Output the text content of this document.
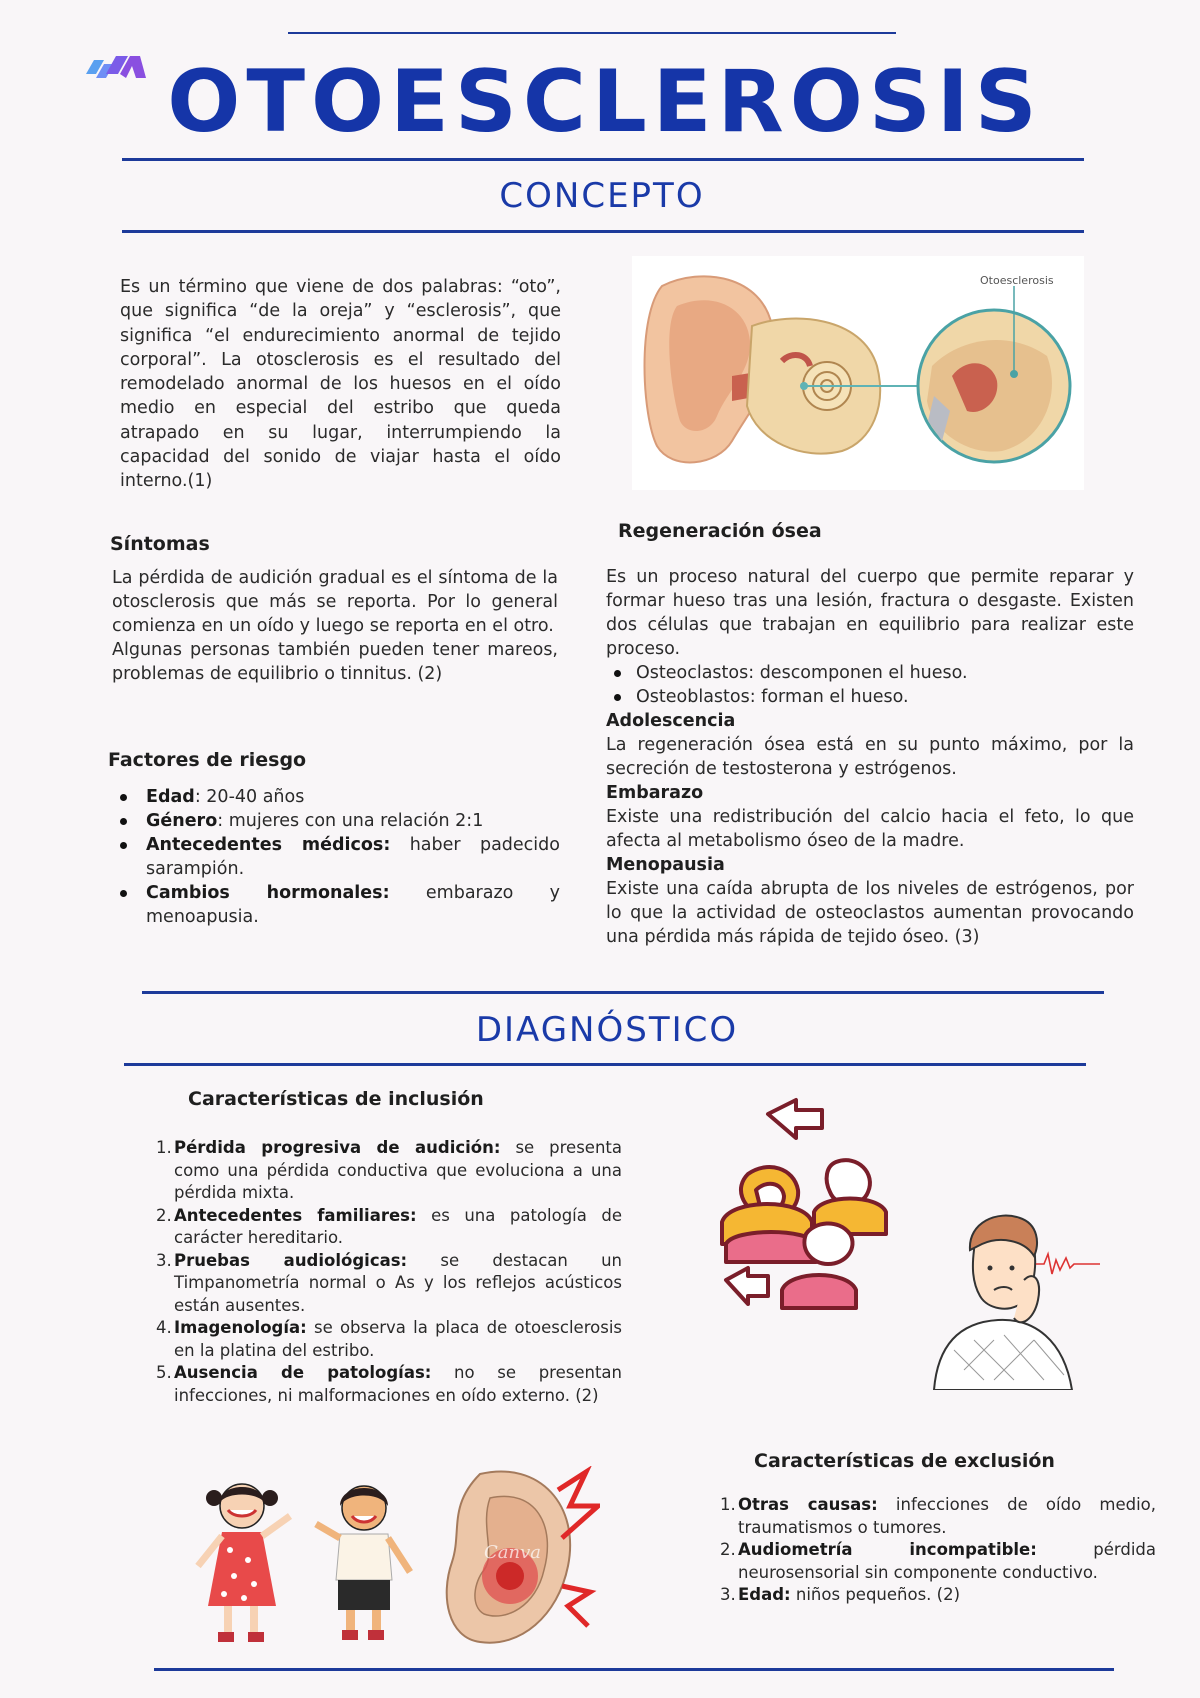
OTOESCLEROSIS
CONCEPTO
Es un término que viene de dos palabras: “oto”, que significa “de la oreja” y “esclerosis”, que significa “el endurecimiento anormal de tejido corporal”. La otosclerosis es el resultado del remodelado anormal de los huesos en el oído medio en especial del estribo que queda atrapado en su lugar, interrumpiendo la capacidad del sonido de viajar hasta el oído interno.(1)
Otoesclerosis
Síntomas
La pérdida de audición gradual es el síntoma de la otosclerosis que más se reporta. Por lo general comienza en un oído y luego se reporta en el otro.
Algunas personas también pueden tener mareos, problemas de equilibrio o tinnitus. (2)
Factores de riesgo
Edad: 20-40 años
Género: mujeres con una relación 2:1
Antecedentes médicos: haber padecido sarampión.
Cambios hormonales: embarazo y menoapusia.
Regeneración ósea
Es un proceso natural del cuerpo que permite reparar y formar hueso tras una lesión, fractura o desgaste. Existen dos células que trabajan en equilibrio para realizar este proceso.
Osteoclastos: descomponen el hueso.
Osteoblastos: forman el hueso.
Adolescencia
La regeneración ósea está en su punto máximo, por la secreción de testosterona y estrógenos.
Embarazo
Existe una redistribución del calcio hacia el feto, lo que afecta al metabolismo óseo de la madre.
Menopausia
Existe una caída abrupta de los niveles de estrógenos, por lo que la actividad de osteoclastos aumentan provocando una pérdida más rápida de tejido óseo. (3)
DIAGNÓSTICO
Características de inclusión
1. Pérdida progresiva de audición: se presenta como una pérdida conductiva que evoluciona a una pérdida mixta.
2. Antecedentes familiares: es una patología de carácter hereditario.
3. Pruebas audiológicas: se destacan un Timpanometría normal o As y los reflejos acústicos están ausentes.
4. Imagenología: se observa la placa de otoesclerosis en la platina del estribo.
5. Ausencia de patologías: no se presentan infecciones, ni malformaciones en oído externo. (2)
Canva
Características de exclusión
1. Otras causas: infecciones de oído medio, traumatismos o tumores.
2. Audiometría incompatible: pérdida neurosensorial sin componente conductivo.
3. Edad: niños pequeños. (2)
